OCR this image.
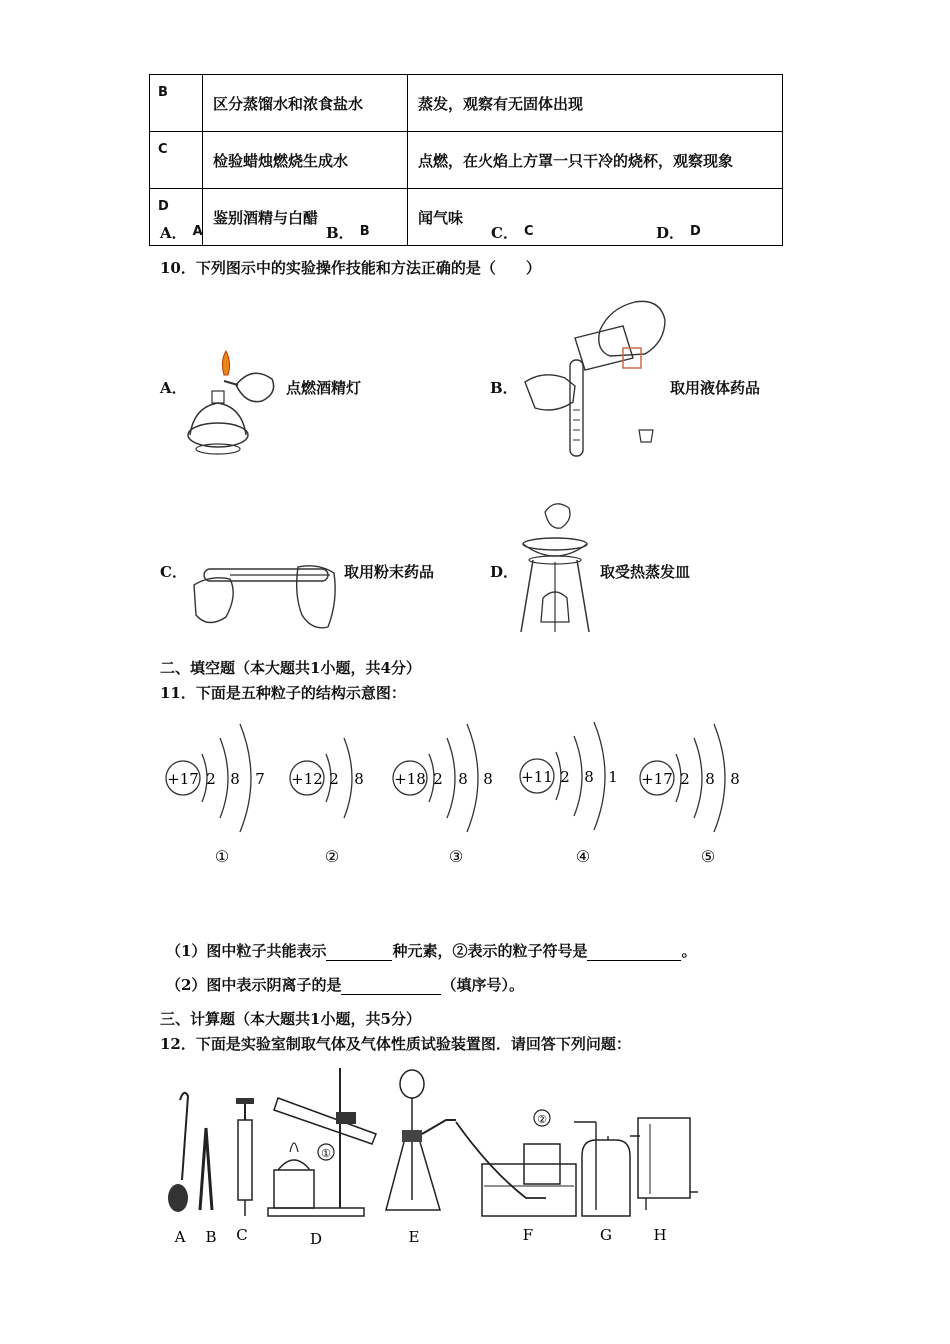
B	区分蒸馏水和浓食盐水	蒸发，观察有无固体出现
C	检验蜡烛燃烧生成水	点燃，在火焰上方罩一只干冷的烧杯，观察现象
D	鉴别酒精与白醋	闻气味
A． A	B． B	C． C	D． D
10．下列图示中的实验操作技能和方法正确的是（　　）
A．	点燃酒精灯	B．	取用液体药品
C．	取用粉末药品	D．	取受热蒸发皿
二、填空题（本大题共1小题，共4分）
11．下面是五种粒子的结构示意图：
+17 2 8 7
①
+12 2 8
②
+18 2 8 8
③
+11 2 8 1
④
+17 2 8 8
⑤
（1）图中粒子共能表示	种元素，②表示的粒子符号是	。
（2）图中表示阴离子的是	（填序号）。
三、计算题（本大题共1小题，共5分）
12．下面是实验室制取气体及气体性质试验装置图．请回答下列问题：
A B C
①
D	E
②
F	G	H
